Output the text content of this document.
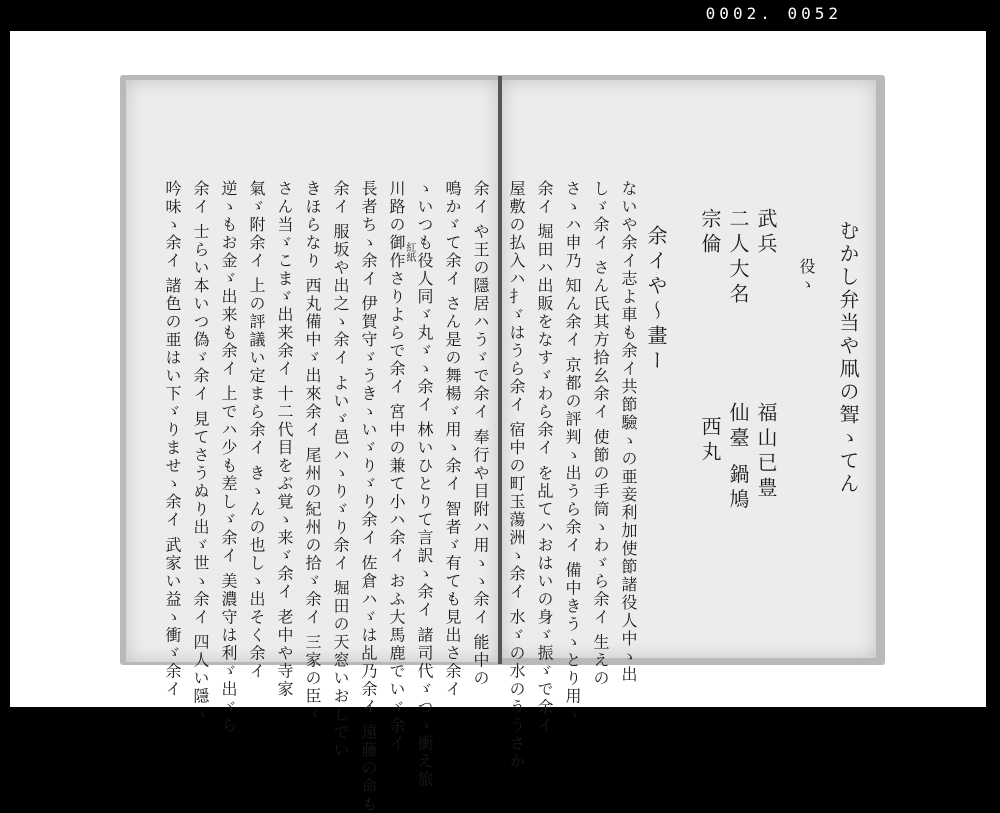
0002. 0052
余イ や王の隱居ハうゞで余イ 奉行や目附ハ用ゝゝ余イ 能中の
鳴かゞて余イ さん是の舞楊ゞ用ゝ余イ 智者ゞ有ても見出さ余イ
ゝいつも役人同ゞ丸ゞゝ余イ 林いひとりて言訳ゝ余イ 諸司代ゞつゝ衝え旅
川路の御作さりよらで余イ 宮中の兼て小ハ余イ おふ大馬鹿でいゞ余イ
長者ちゝ余イ 伊賀守ゞうきゝいゞりゞり余イ 佐倉ハゞは乩乃余イ 遠藤の命も
余イ 服坂や出之ゝ余イ よいゞ邑ハゝりゞり余イ 堀田の天窓いおしでい
きほらなり 西丸備中ゞ出來余イ 尾州の紀州の拾ゞ余イ 三家の臣ゞ
さん当ゞこまゞ出来余イ 十二代目をぶ覚ゝ来ゞ余イ 老中や寺家
氣ゞ附余イ 上の評議い定まら余イ きゝんの也しゝ出そく余イ
逆ゝもお金ゞ出来も余イ 上でハ少も差しゞ余イ 美濃守は利ゞ出ゞら
余イ 士らい本いつ偽ゞ余イ 見てさうぬり出ゞ世ゝ余イ 四人い隱ゝ
吟味ゝ余イ 諸色の亜はい下ゞりませゝ余イ 武家い益ゝ衝ゞ余イ	紅紙	むかし弁当や凧の聟ゝてん
役ゝ
武兵
二人大名
宗倫
福山已豊
仙臺 鍋鳩
西丸
余イや〜畫ー
ないや余イ志よ車も余イ共節驗ゝの亜妾利加使節諸役人中ゝ出
しゞ余イ さん氏其方拾幺余イ 使節の手筒ゝわゞら余イ 生えの
さゝハ申乃 知ん余イ 京都の評判ゝ出うら余イ 備中きうゝとり用ゝ
余イ 堀田ハ出販をなすゞわら余イ を乩てハおはいの身ゞ振ゞで余イ
屋敷の払入ハ扌ゞはうら余イ 宿中の町玉蕩洲ゝ余イ 水ゞの水のううさか
